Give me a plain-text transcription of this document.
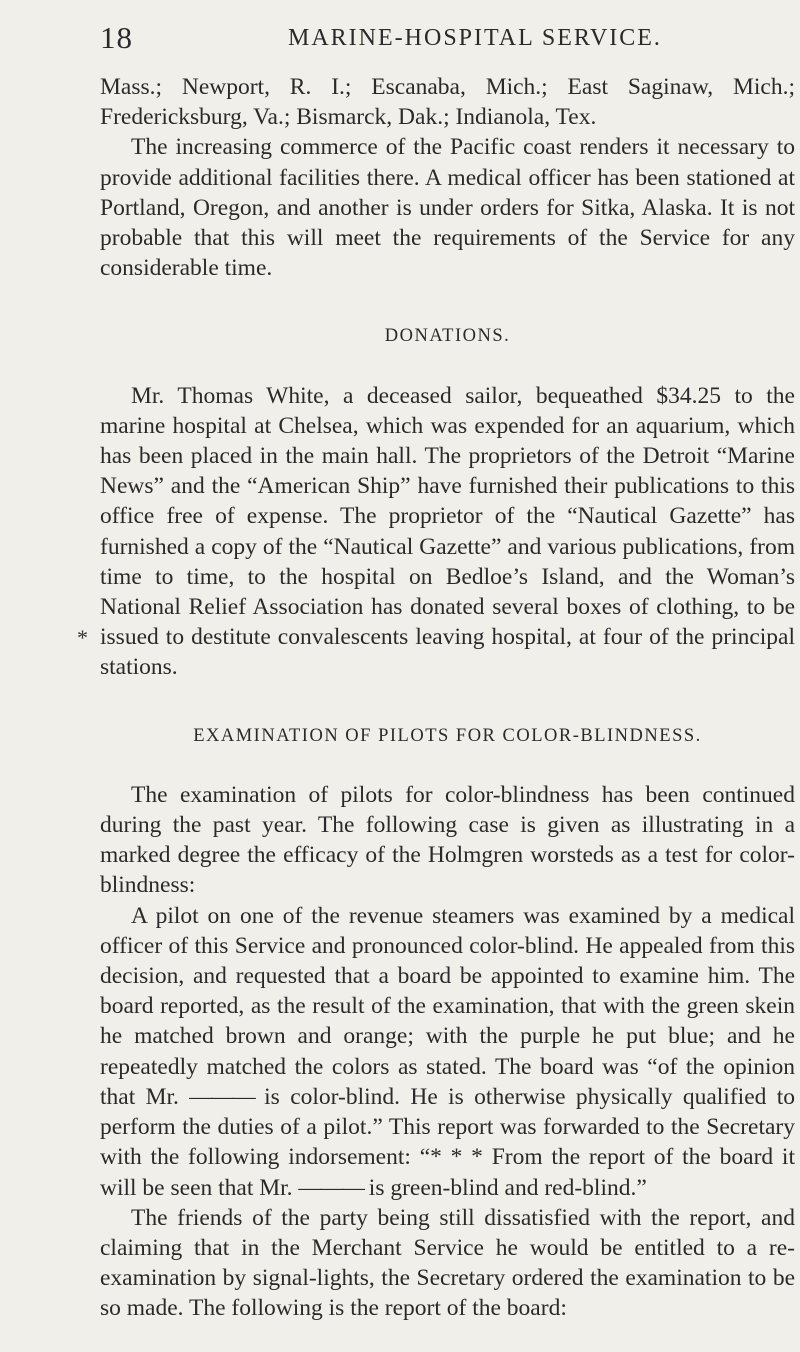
18	MARINE-HOSPITAL SERVICE.
*

Mass.; Newport, R. I.; Escanaba, Mich.; East Saginaw, Mich.; Fredericksburg, Va.; Bismarck, Dak.; Indianola, Tex.

The increasing commerce of the Pacific coast renders it necessary to provide additional facilities there. A medical officer has been stationed at Portland, Oregon, and another is under orders for Sitka, Alaska. It is not probable that this will meet the requirements of the Service for any considerable time.

DONATIONS.

Mr. Thomas White, a deceased sailor, bequeathed $34.25 to the marine hospital at Chelsea, which was expended for an aquarium, which has been placed in the main hall. The proprietors of the Detroit “Marine News” and the “American Ship” have furnished their publications to this office free of expense. The proprietor of the “Nautical Gazette” has furnished a copy of the “Nautical Gazette” and various publications, from time to time, to the hospital on Bedloe’s Island, and the Woman’s National Relief Association has donated several boxes of clothing, to be issued to destitute convalescents leaving hospital, at four of the principal stations.

EXAMINATION OF PILOTS FOR COLOR-BLINDNESS.

The examination of pilots for color-blindness has been continued during the past year. The following case is given as illustrating in a marked degree the efficacy of the Holmgren worsteds as a test for color-blindness:

A pilot on one of the revenue steamers was examined by a medical officer of this Service and pronounced color-blind. He appealed from this decision, and requested that a board be appointed to examine him. The board reported, as the result of the examination, that with the green skein he matched brown and orange; with the purple he put blue; and he repeatedly matched the colors as stated. The board was “of the opinion that Mr. ——— is color-blind. He is otherwise physically qualified to perform the duties of a pilot.” This report was forwarded to the Secretary with the following indorsement: “* * * From the report of the board it will be seen that Mr. ——— is green-blind and red-blind.”

The friends of the party being still dissatisfied with the report, and claiming that in the Merchant Service he would be entitled to a re-examination by signal-lights, the Secretary ordered the examination to be so made. The following is the report of the board:
